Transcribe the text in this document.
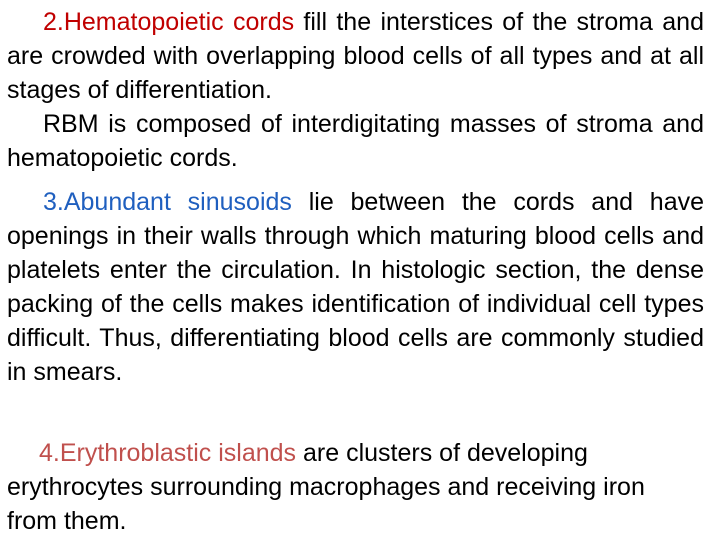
2.Hematopoietic cords fill the interstices of the stroma and are crowded with overlapping blood cells of all types and at all stages of differentiation.

RBM is composed of interdigitating masses of stroma and hematopoietic cords.

3.Abundant sinusoids lie between the cords and have openings in their walls through which maturing blood cells and platelets enter the circulation. In histologic section, the dense packing of the cells makes identification of individual cell types difficult. Thus, differentiating blood cells are commonly studied in smears.

4.Erythroblastic islands are clusters of developing erythrocytes surrounding macrophages and receiving iron from them.
